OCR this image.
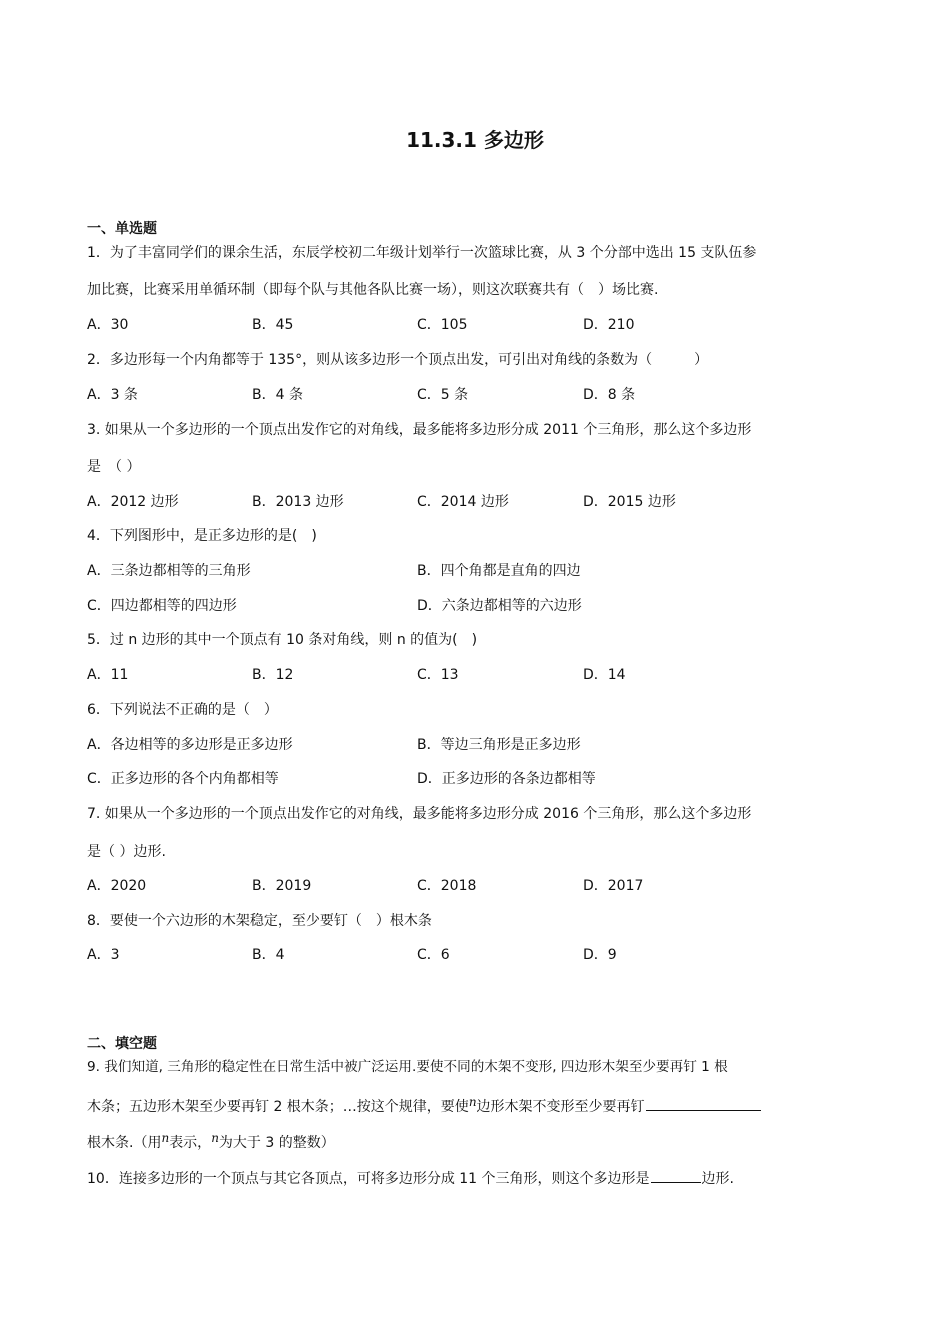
11.3.1 多边形
一、单选题
1．为了丰富同学们的课余生活，东辰学校初二年级计划举行一次篮球比赛，从 3 个分部中选出 15 支队伍参
加比赛，比赛采用单循环制（即每个队与其他各队比赛一场），则这次联赛共有（　）场比赛.
A．30	B．45	C．105	D．210
2．多边形每一个内角都等于 135°，则从该多边形一个顶点出发，可引出对角线的条数为（　　　）
A．3 条	B．4 条	C．5 条	D．8 条
3. 如果从一个多边形的一个顶点出发作它的对角线，最多能将多边形分成 2011 个三角形，那么这个多边形
是　（ ）
A．2012 边形	B．2013 边形	C．2014 边形	D．2015 边形
4．下列图形中，是正多边形的是(　)
A．三条边都相等的三角形	B．四个角都是直角的四边
C．四边都相等的四边形	D．六条边都相等的六边形
5．过 n 边形的其中一个顶点有 10 条对角线，则 n 的值为(　)
A．11	B．12	C．13	D．14
6．下列说法不正确的是（　）
A．各边相等的多边形是正多边形	B．等边三角形是正多边形
C．正多边形的各个内角都相等	D．正多边形的各条边都相等
7. 如果从一个多边形的一个顶点出发作它的对角线，最多能将多边形分成 2016 个三角形，那么这个多边形
是（ ）边形.
A．2020	B．2019	C．2018	D．2017
8．要使一个六边形的木架稳定，至少要钉（　）根木条
A．3	B．4	C．6	D．9
二、填空题
9. 我们知道, 三角形的稳定性在日常生活中被广泛运用.要使不同的木架不变形, 四边形木架至少要再钉 1 根
木条；五边形木架至少要再钉 2 根木条；…按这个规律，要使n边形木架不变形至少要再钉
根木条.（用n表示，n为大于 3 的整数）
10．连接多边形的一个顶点与其它各顶点，可将多边形分成 11 个三角形，则这个多边形是	边形.
